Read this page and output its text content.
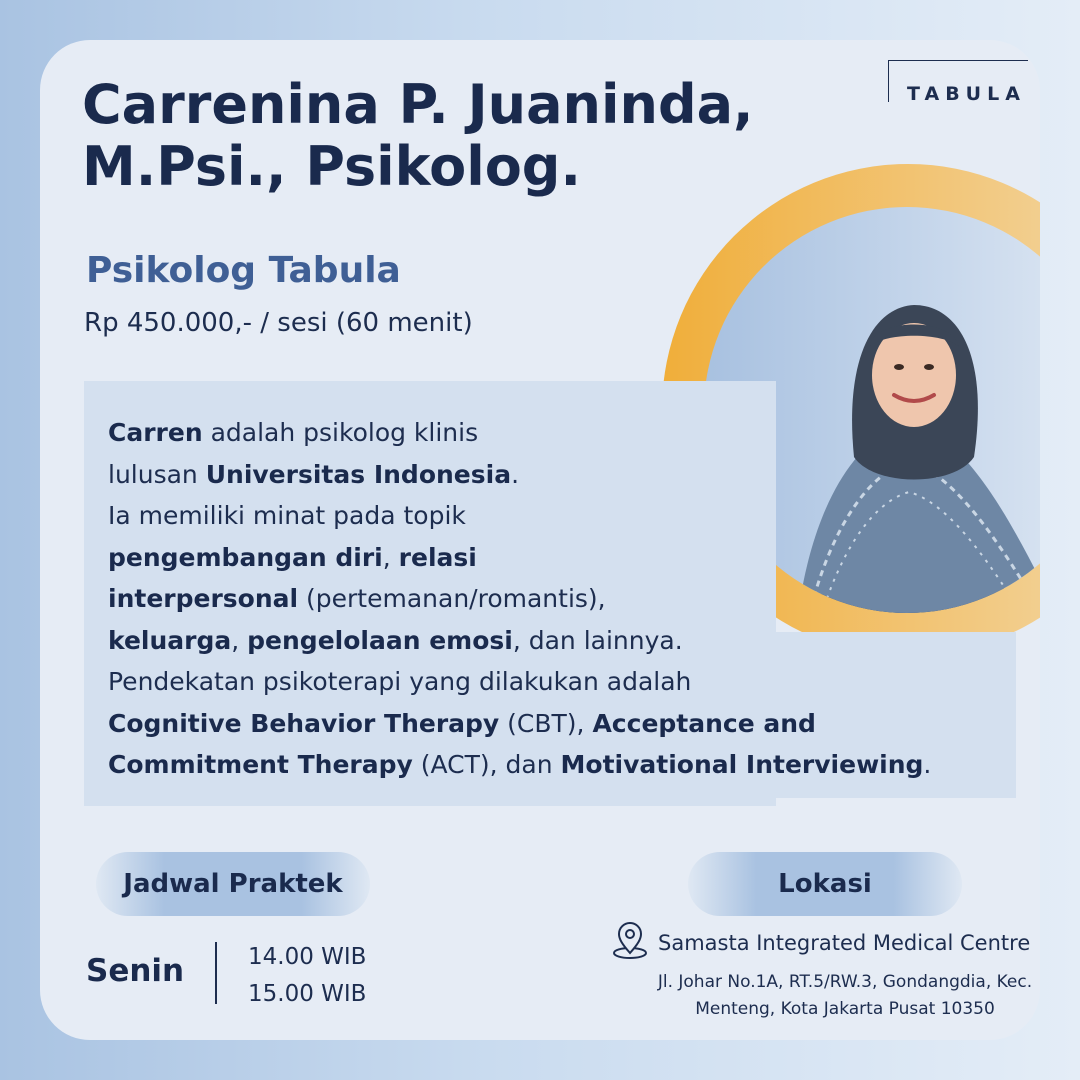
TABULA
Carrenina P. Juaninda,
M.Psi., Psikolog.
Psikolog Tabula
Rp 450.000,- / sesi (60 menit)
Carren adalah psikolog klinis
lulusan Universitas Indonesia.
Ia memiliki minat pada topik
pengembangan diri, relasi
interpersonal (pertemanan/romantis),
keluarga, pengelolaan emosi, dan lainnya.
Pendekatan psikoterapi yang dilakukan adalah
Cognitive Behavior Therapy (CBT), Acceptance and
Commitment Therapy (ACT), dan Motivational Interviewing.
Jadwal Praktek
Senin	14.00 WIB
15.00 WIB
Lokasi
Samasta Integrated Medical Centre
Jl. Johar No.1A, RT.5/RW.3, Gondangdia, Kec.
Menteng, Kota Jakarta Pusat 10350
